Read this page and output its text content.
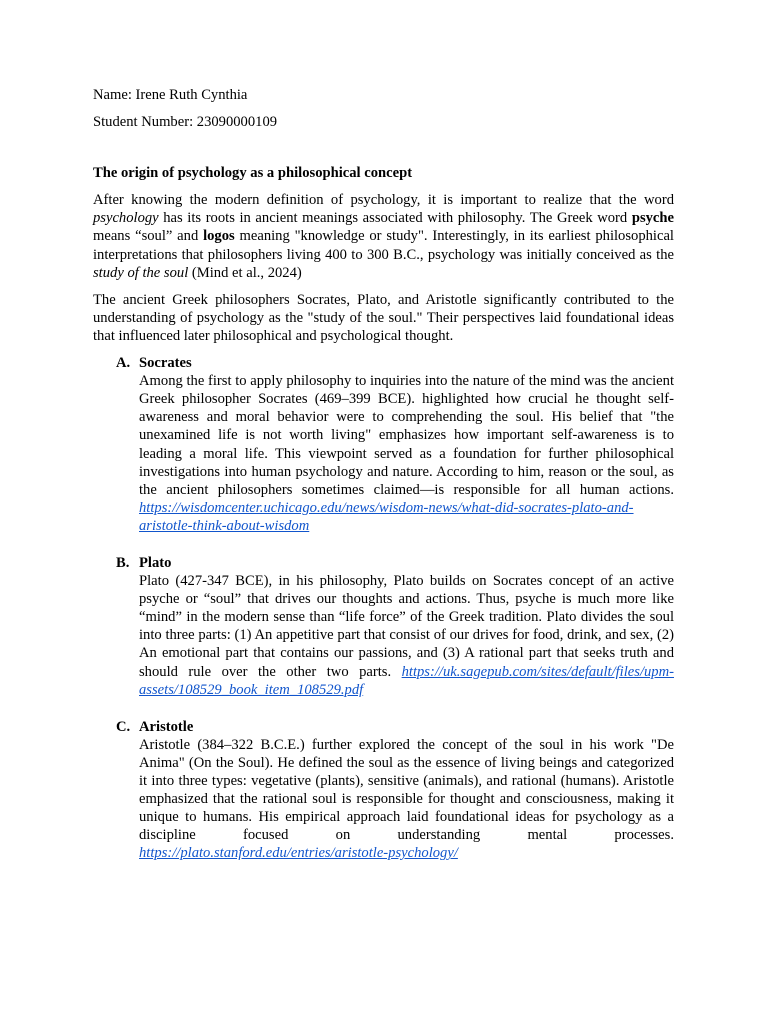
Name: Irene Ruth Cynthia

Student Number: 23090000109

The origin of psychology as a philosophical concept

After knowing the modern definition of psychology, it is important to realize that the word psychology has its roots in ancient meanings associated with philosophy. The Greek word psyche means “soul” and logos meaning "knowledge or study". Interestingly, in its earliest philosophical interpretations that philosophers living 400 to 300 B.C., psychology was initially conceived as the study of the soul (Mind et al., 2024)

The ancient Greek philosophers Socrates, Plato, and Aristotle significantly contributed to the understanding of psychology as the "study of the soul." Their perspectives laid foundational ideas that influenced later philosophical and psychological thought.

A. Socrates
Among the first to apply philosophy to inquiries into the nature of the mind was the ancient Greek philosopher Socrates (469–399 BCE). highlighted how crucial he thought self-awareness and moral behavior were to comprehending the soul. His belief that "the unexamined life is not worth living" emphasizes how important self-awareness is to leading a moral life. This viewpoint served as a foundation for further philosophical investigations into human psychology and nature. According to him, reason or the soul, as the ancient philosophers sometimes claimed—is responsible for all human actions. https://wisdomcenter.uchicago.edu/news/wisdom-news/what-did-socrates-plato-and-aristotle-think-about-wisdom
B. Plato
Plato (427-347 BCE), in his philosophy, Plato builds on Socrates concept of an active psyche or “soul” that drives our thoughts and actions. Thus, psyche is much more like “mind” in the modern sense than “life force” of the Greek tradition. Plato divides the soul into three parts: (1) An appetitive part that consist of our drives for food, drink, and sex, (2) An emotional part that contains our passions, and (3) A rational part that seeks truth and should rule over the other two parts. https://uk.sagepub.com/sites/default/files/upm-assets/108529_book_item_108529.pdf
C. Aristotle
Aristotle (384–322 B.C.E.) further explored the concept of the soul in his work "De Anima" (On the Soul). He defined the soul as the essence of living beings and categorized it into three types: vegetative (plants), sensitive (animals), and rational (humans). Aristotle emphasized that the rational soul is responsible for thought and consciousness, making it unique to humans. His empirical approach laid foundational ideas for psychology as a discipline focused on understanding mental processes. https://plato.stanford.edu/entries/aristotle-psychology/
